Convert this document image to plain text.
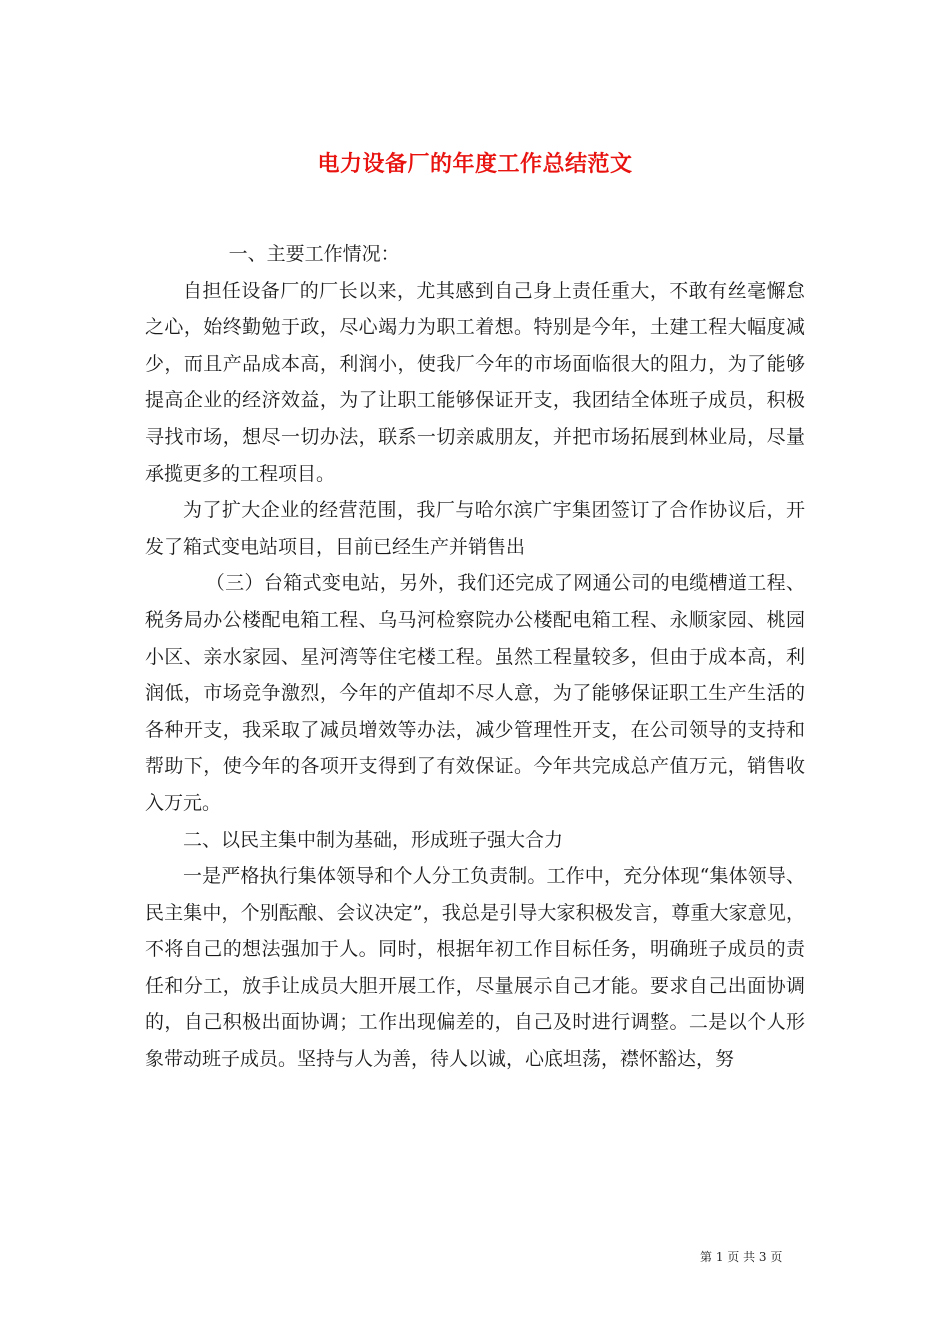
电力设备厂的年度工作总结范文

一、主要工作情况：

自担任设备厂的厂长以来，尤其感到自己身上责任重大，不敢有丝毫懈怠之心，始终勤勉于政，尽心竭力为职工着想。特别是今年，土建工程大幅度减少，而且产品成本高，利润小，使我厂今年的市场面临很大的阻力，为了能够提高企业的经济效益，为了让职工能够保证开支，我团结全体班子成员，积极寻找市场，想尽一切办法，联系一切亲戚朋友，并把市场拓展到林业局，尽量承揽更多的工程项目。

为了扩大企业的经营范围，我厂与哈尔滨广宇集团签订了合作协议后，开发了箱式变电站项目，目前已经生产并销售出

（三）台箱式变电站，另外，我们还完成了网通公司的电缆槽道工程、税务局办公楼配电箱工程、乌马河检察院办公楼配电箱工程、永顺家园、桃园小区、亲水家园、星河湾等住宅楼工程。虽然工程量较多，但由于成本高，利润低，市场竞争激烈，今年的产值却不尽人意，为了能够保证职工生产生活的各种开支，我采取了减员增效等办法，减少管理性开支，在公司领导的支持和帮助下，使今年的各项开支得到了有效保证。今年共完成总产值万元，销售收入万元。

二、以民主集中制为基础，形成班子强大合力

一是严格执行集体领导和个人分工负责制。工作中，充分体现“集体领导、民主集中，个别酝酿、会议决定”，我总是引导大家积极发言，尊重大家意见，不将自己的想法强加于人。同时，根据年初工作目标任务，明确班子成员的责任和分工，放手让成员大胆开展工作，尽量展示自己才能。要求自己出面协调的，自己积极出面协调；工作出现偏差的，自己及时进行调整。二是以个人形象带动班子成员。坚持与人为善，待人以诚，心底坦荡，襟怀豁达，努

第 1 页 共 3 页
